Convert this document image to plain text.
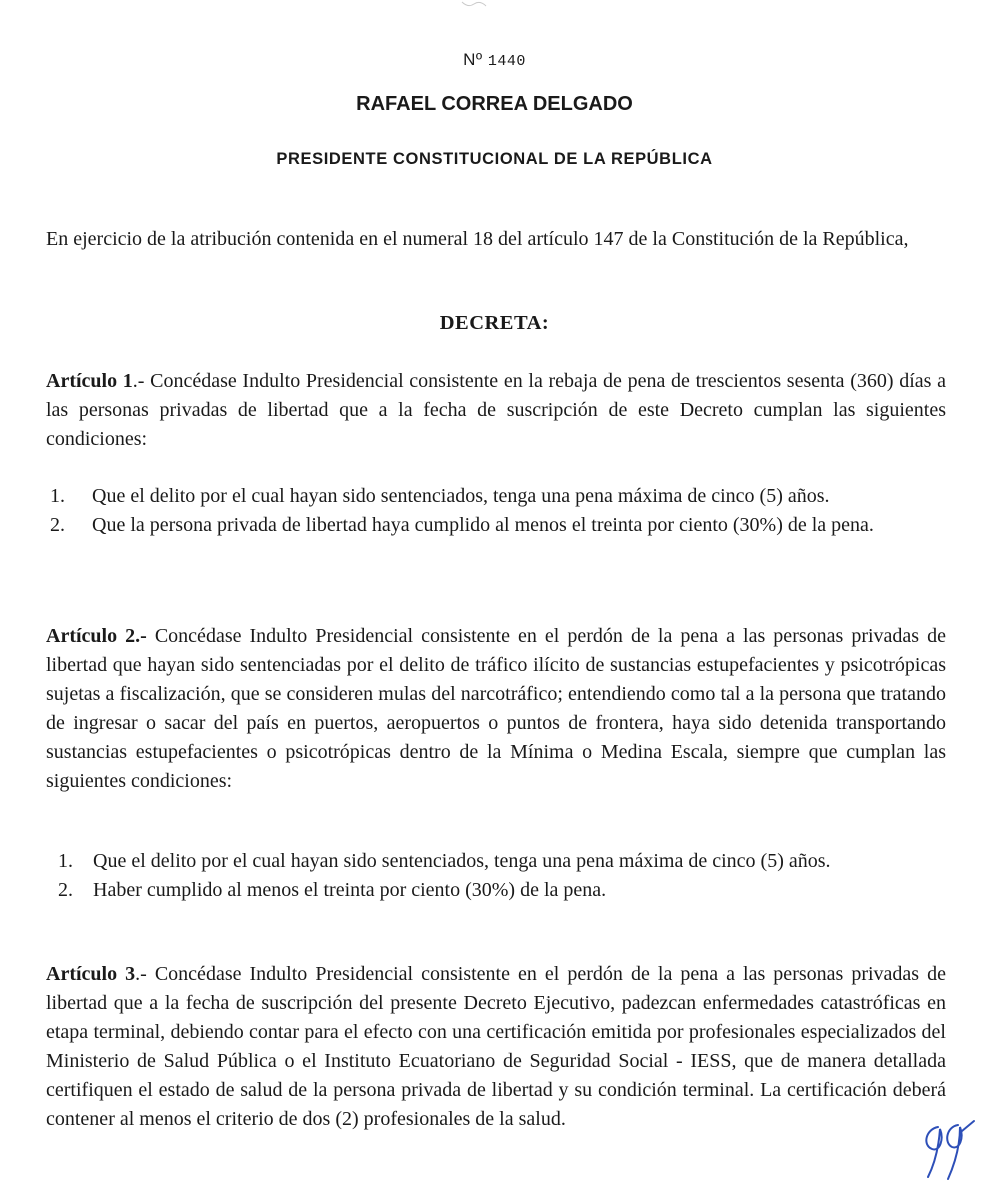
Nº 1440
RAFAEL CORREA DELGADO
PRESIDENTE CONSTITUCIONAL DE LA REPÚBLICA

En ejercicio de la atribución contenida en el numeral 18 del artículo 147 de la Constitución de la República,

DECRETA:

Artículo 1.- Concédase Indulto Presidencial consistente en la rebaja de pena de trescientos sesenta (360) días a las personas privadas de libertad que a la fecha de suscripción de este Decreto cumplan las siguientes condiciones:

1. Que el delito por el cual hayan sido sentenciados, tenga una pena máxima de cinco (5) años.
2. Que la persona privada de libertad haya cumplido al menos el treinta por ciento (30%) de la pena.

Artículo 2.- Concédase Indulto Presidencial consistente en el perdón de la pena a las personas privadas de libertad que hayan sido sentenciadas por el delito de tráfico ilícito de sustancias estupefacientes y psicotrópicas sujetas a fiscalización, que se consideren mulas del narcotráfico; entendiendo como tal a la persona que tratando de ingresar o sacar del país en puertos, aeropuertos o puntos de frontera, haya sido detenida transportando sustancias estupefacientes o psicotrópicas dentro de la Mínima o Medina Escala, siempre que cumplan las siguientes condiciones:

1. Que el delito por el cual hayan sido sentenciados, tenga una pena máxima de cinco (5) años.
2. Haber cumplido al menos el treinta por ciento (30%) de la pena.

Artículo 3.- Concédase Indulto Presidencial consistente en el perdón de la pena a las personas privadas de libertad que a la fecha de suscripción del presente Decreto Ejecutivo, padezcan enfermedades catastróficas en etapa terminal, debiendo contar para el efecto con una certificación emitida por profesionales especializados del Ministerio de Salud Pública o el Instituto Ecuatoriano de Seguridad Social - IESS, que de manera detallada certifiquen el estado de salud de la persona privada de libertad y su condición terminal. La certificación deberá contener al menos el criterio de dos (2) profesionales de la salud.
